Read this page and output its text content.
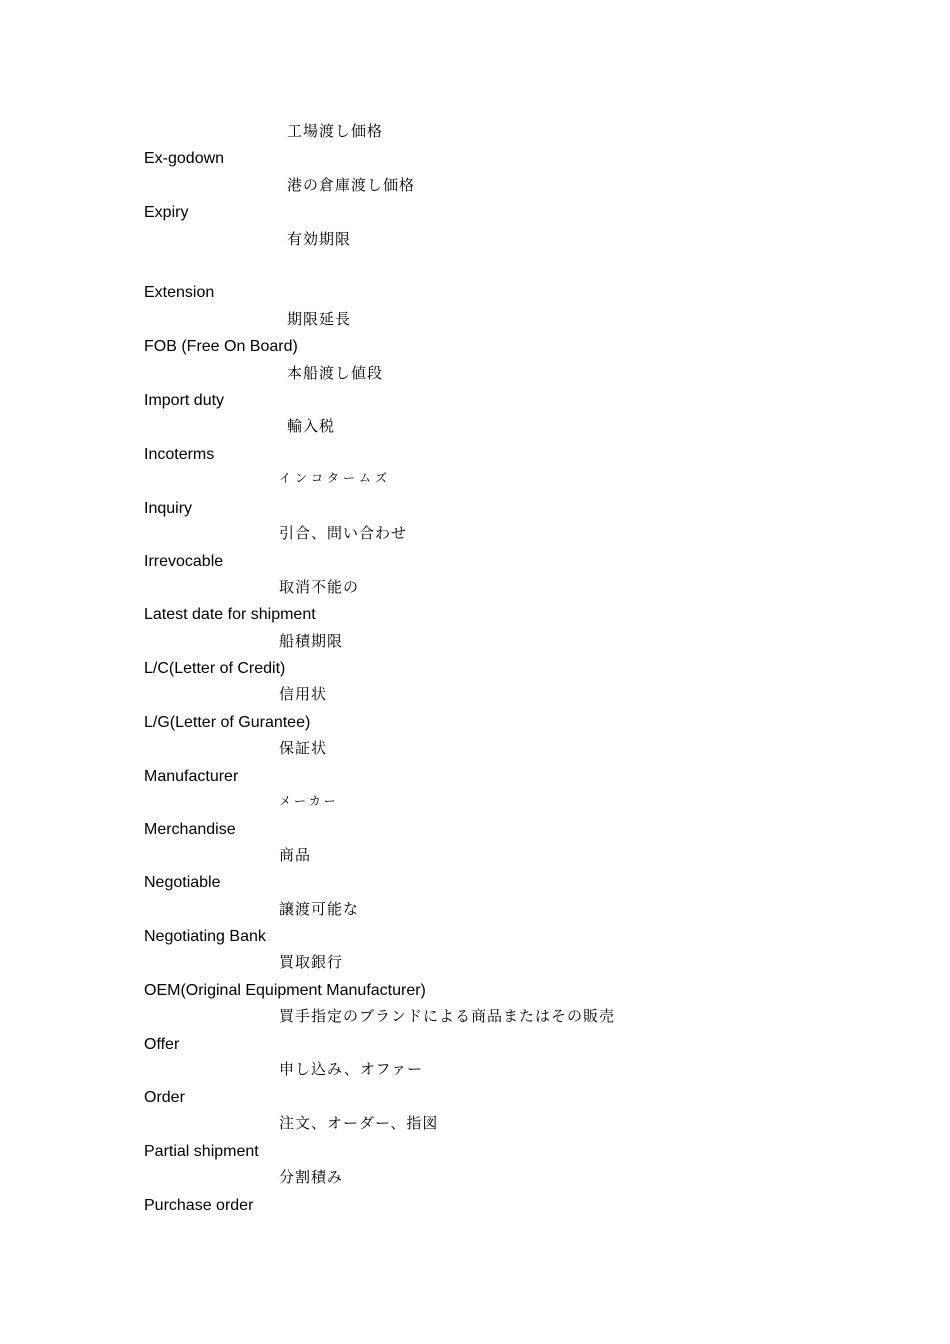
工場渡し価格
Ex-godown
港の倉庫渡し価格
Expiry
有効期限
Extension
期限延長
FOB (Free On Board)
本船渡し値段
Import duty
輸入税
Incoterms
インコタームズ
Inquiry
引合、問い合わせ
Irrevocable
取消不能の
Latest date for shipment
船積期限
L/C(Letter of Credit)
信用状
L/G(Letter of Gurantee)
保証状
Manufacturer
メーカー
Merchandise
商品
Negotiable
譲渡可能な
Negotiating Bank
買取銀行
OEM(Original Equipment Manufacturer)
買手指定のブランドによる商品またはその販売
Offer
申し込み、オファー
Order
注文、オーダー、指図
Partial shipment
分割積み
Purchase order
